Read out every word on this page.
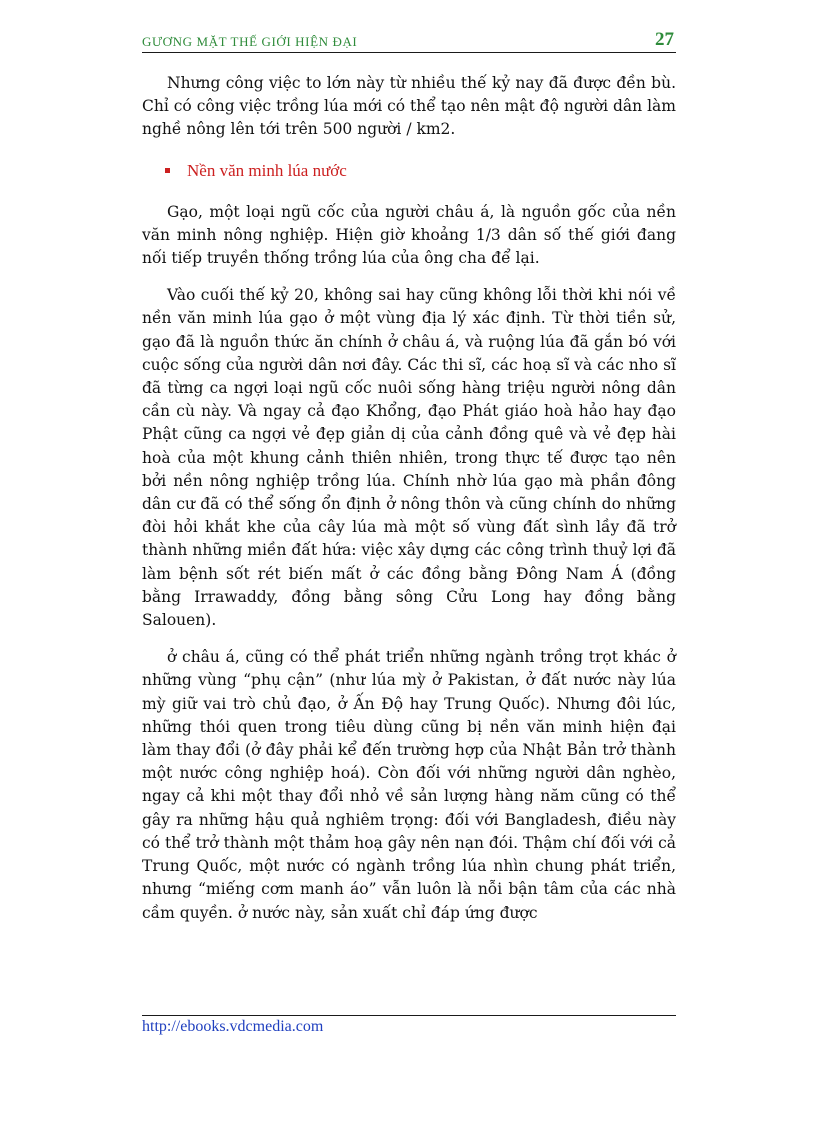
GƯƠNG MẶT THẾ GIỚI HIỆN ĐẠI	27

Nhưng công việc to lớn này từ nhiều thế kỷ nay đã được đền bù. Chỉ có công việc trồng lúa mới có thể tạo nên mật độ người dân làm nghề nông lên tới trên 500 người / km2.

Nền văn minh lúa nước

Gạo, một loại ngũ cốc của người châu á, là nguồn gốc của nền văn minh nông nghiệp. Hiện giờ khoảng 1/3 dân số thế giới đang nối tiếp truyền thống trồng lúa của ông cha để lại.

Vào cuối thế kỷ 20, không sai hay cũng không lỗi thời khi nói về nền văn minh lúa gạo ở một vùng địa lý xác định. Từ thời tiền sử, gạo đã là nguồn thức ăn chính ở châu á, và ruộng lúa đã gắn bó với cuộc sống của người dân nơi đây. Các thi sĩ, các hoạ sĩ và các nho sĩ đã từng ca ngợi loại ngũ cốc nuôi sống hàng triệu người nông dân cần cù này. Và ngay cả đạo Khổng, đạo Phát giáo hoà hảo hay đạo Phật cũng ca ngợi vẻ đẹp giản dị của cảnh đồng quê và vẻ đẹp hài hoà của một khung cảnh thiên nhiên, trong thực tế được tạo nên bởi nền nông nghiệp trồng lúa. Chính nhờ lúa gạo mà phần đông dân cư đã có thể sống ổn định ở nông thôn và cũng chính do những đòi hỏi khắt khe của cây lúa mà một số vùng đất sình lầy đã trở thành những miền đất hứa: việc xây dựng các công trình thuỷ lợi đã làm bệnh sốt rét biến mất ở các đồng bằng Đông Nam Á (đồng bằng Irrawaddy, đồng bằng sông Cửu Long hay đồng bằng Salouen).

ở châu á, cũng có thể phát triển những ngành trồng trọt khác ở những vùng “phụ cận” (như lúa mỳ ở Pakistan, ở đất nước này lúa mỳ giữ vai trò chủ đạo, ở Ấn Độ hay Trung Quốc). Nhưng đôi lúc, những thói quen trong tiêu dùng cũng bị nền văn minh hiện đại làm thay đổi (ở đây phải kể đến trường hợp của Nhật Bản trở thành một nước công nghiệp hoá). Còn đối với những người dân nghèo, ngay cả khi một thay đổi nhỏ về sản lượng hàng năm cũng có thể gây ra những hậu quả nghiêm trọng: đối với Bangladesh, điều này có thể trở thành một thảm hoạ gây nên nạn đói. Thậm chí đối với cả Trung Quốc, một nước có ngành trồng lúa nhìn chung phát triển, nhưng “miếng cơm manh áo” vẫn luôn là nỗi bận tâm của các nhà cầm quyền. ở nước này, sản xuất chỉ đáp ứng được

http://ebooks.vdcmedia.com
